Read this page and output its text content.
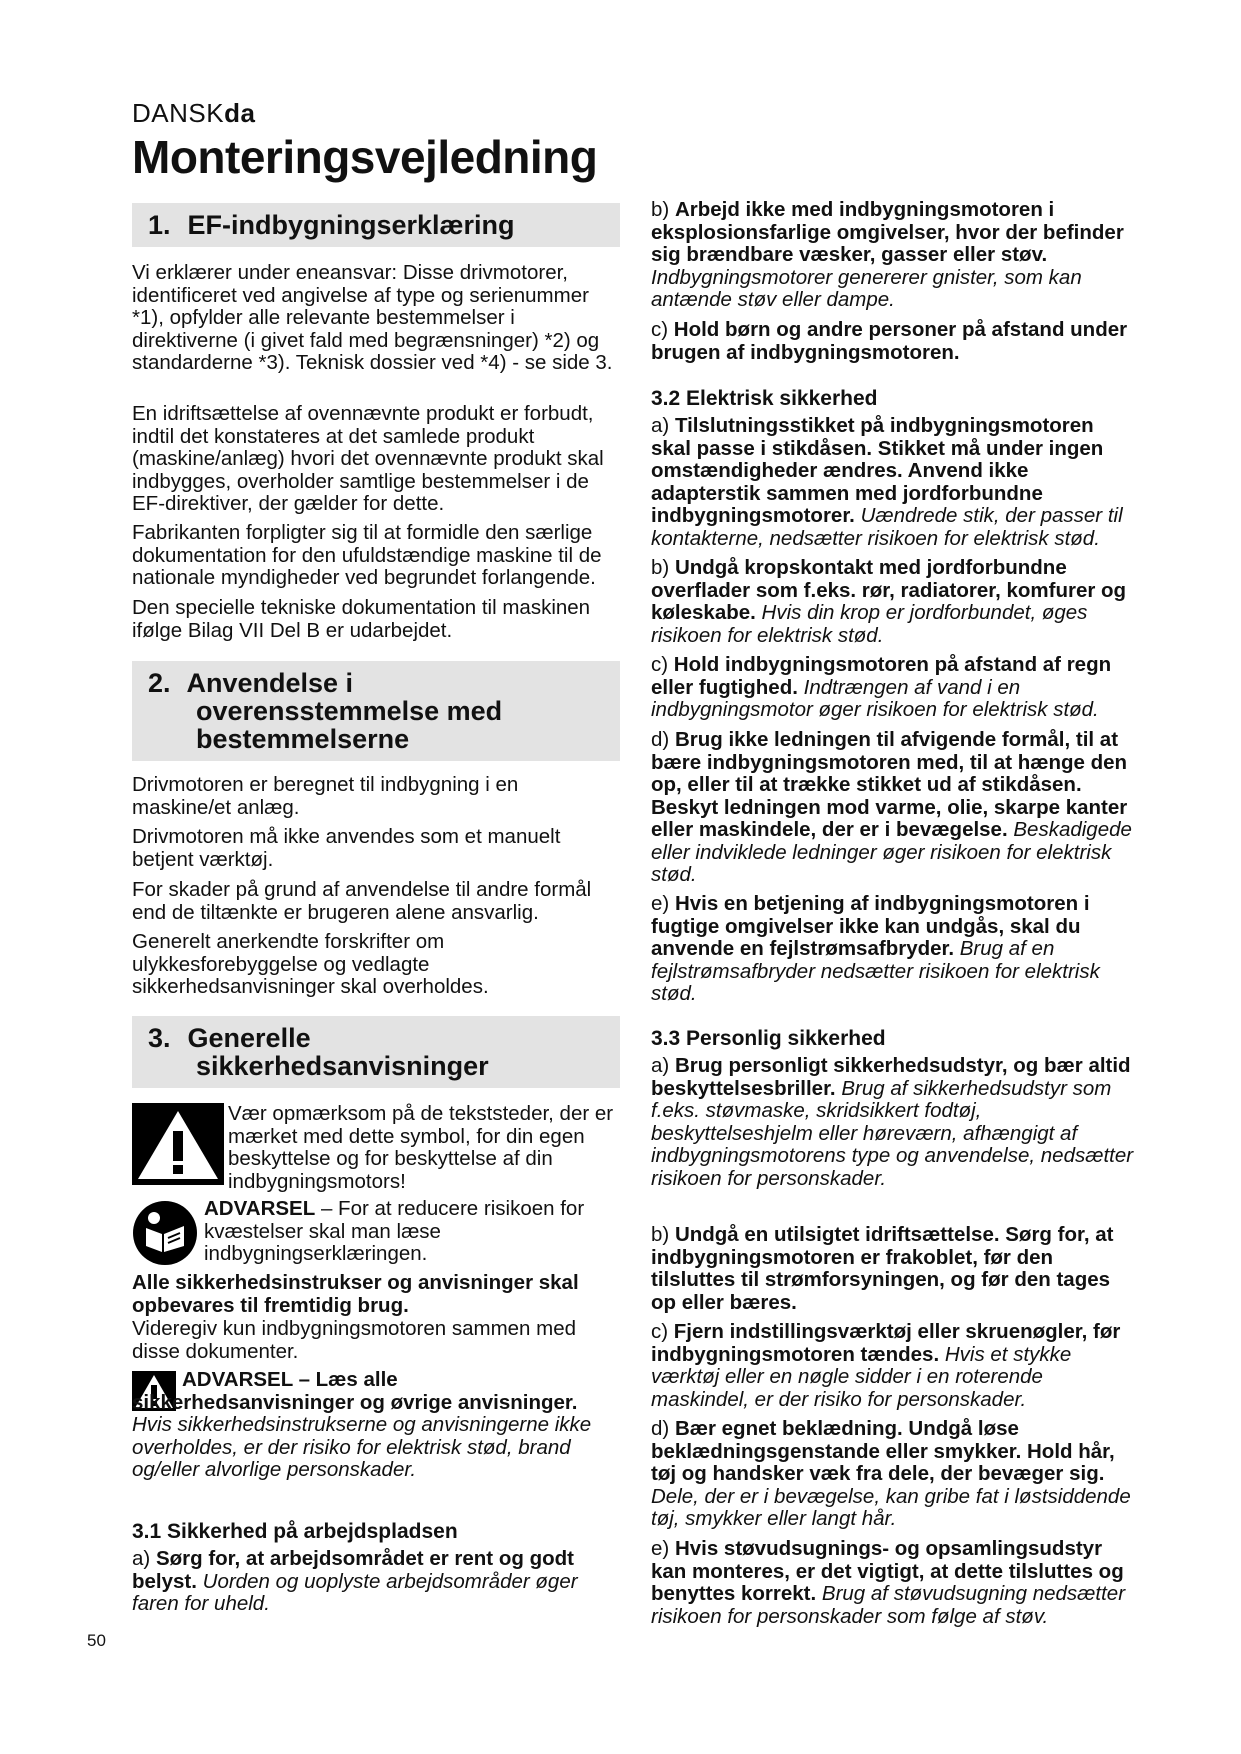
DANSKda
Monteringsvejledning
1. EF-indbygningserklæring

Vi erklærer under eneansvar: Disse drivmotorer, identificeret ved angivelse af type og serienummer *1), opfylder alle relevante bestemmelser i direktiverne (i givet fald med begrænsninger) *2) og standarderne *3). Teknisk dossier ved *4) - se side 3.

En idriftsættelse af ovennævnte produkt er forbudt, indtil det konstateres at det samlede produkt (maskine/anlæg) hvori det ovennævnte produkt skal indbygges, overholder samtlige bestemmelser i de EF-direktiver, der gælder for dette.

Fabrikanten forpligter sig til at formidle den særlige dokumentation for den ufuldstændige maskine til de nationale myndigheder ved begrundet forlangende.

Den specielle tekniske dokumentation til maskinen ifølge Bilag VII Del B er udarbejdet.

2. Anvendelse i
overensstemmelse med
bestemmelserne

Drivmotoren er beregnet til indbygning i en maskine/et anlæg.

Drivmotoren må ikke anvendes som et manuelt betjent værktøj.

For skader på grund af anvendelse til andre formål end de tiltænkte er brugeren alene ansvarlig.

Generelt anerkendte forskrifter om ulykkesforebyggelse og vedlagte sikkerhedsanvisninger skal overholdes.

3. Generelle
sikkerhedsanvisninger

Vær opmærksom på de tekststeder, der er mærket med dette symbol, for din egen beskyttelse og for beskyttelse af din indbygningsmotors!

ADVARSEL – For at reducere risikoen for kvæstelser skal man læse indbygningserklæringen.

Alle sikkerhedsinstrukser og anvisninger skal opbevares til fremtidig brug.

Videregiv kun indbygningsmotoren sammen med disse dokumenter.

ADVARSEL – Læs alle sikkerhedsanvisninger og øvrige anvisninger. Hvis sikkerhedsinstrukserne og anvisningerne ikke overholdes, er der risiko for elektrisk stød, brand og/eller alvorlige personskader.

3.1 Sikkerhed på arbejdspladsen

a) Sørg for, at arbejdsområdet er rent og godt belyst. Uorden og uoplyste arbejdsområder øger faren for uheld.

b) Arbejd ikke med indbygningsmotoren i eksplosionsfarlige omgivelser, hvor der befinder sig brændbare væsker, gasser eller støv. Indbygningsmotorer genererer gnister, som kan antænde støv eller dampe.

c) Hold børn og andre personer på afstand under brugen af indbygningsmotoren.

3.2 Elektrisk sikkerhed

a) Tilslutningsstikket på indbygningsmotoren skal passe i stikdåsen. Stikket må under ingen omstændigheder ændres. Anvend ikke adapterstik sammen med jordforbundne indbygningsmotorer. Uændrede stik, der passer til kontakterne, nedsætter risikoen for elektrisk stød.

b) Undgå kropskontakt med jordforbundne overflader som f.eks. rør, radiatorer, komfurer og køleskabe. Hvis din krop er jordforbundet, øges risikoen for elektrisk stød.

c) Hold indbygningsmotoren på afstand af regn eller fugtighed. Indtrængen af vand i en indbygningsmotor øger risikoen for elektrisk stød.

d) Brug ikke ledningen til afvigende formål, til at bære indbygningsmotoren med, til at hænge den op, eller til at trække stikket ud af stikdåsen. Beskyt ledningen mod varme, olie, skarpe kanter eller maskindele, der er i bevægelse. Beskadigede eller indviklede ledninger øger risikoen for elektrisk stød.

e) Hvis en betjening af indbygningsmotoren i fugtige omgivelser ikke kan undgås, skal du anvende en fejlstrømsafbryder. Brug af en fejlstrømsafbryder nedsætter risikoen for elektrisk stød.

3.3 Personlig sikkerhed

a) Brug personligt sikkerhedsudstyr, og bær altid beskyttelsesbriller. Brug af sikkerhedsudstyr som f.eks. støvmaske, skridsikkert fodtøj, beskyttelseshjelm eller høreværn, afhængigt af indbygningsmotorens type og anvendelse, nedsætter risikoen for personskader.

b) Undgå en utilsigtet idriftsættelse. Sørg for, at indbygningsmotoren er frakoblet, før den tilsluttes til strømforsyningen, og før den tages op eller bæres.

c) Fjern indstillingsværktøj eller skruenøgler, før indbygningsmotoren tændes. Hvis et stykke værktøj eller en nøgle sidder i en roterende maskindel, er der risiko for personskader.

d) Bær egnet beklædning. Undgå løse beklædningsgenstande eller smykker. Hold hår, tøj og handsker væk fra dele, der bevæger sig. Dele, der er i bevægelse, kan gribe fat i løstsiddende tøj, smykker eller langt hår.

e) Hvis støvudsugnings- og opsamlingsudstyr kan monteres, er det vigtigt, at dette tilsluttes og benyttes korrekt. Brug af støvudsugning nedsætter risikoen for personskader som følge af støv.

50
